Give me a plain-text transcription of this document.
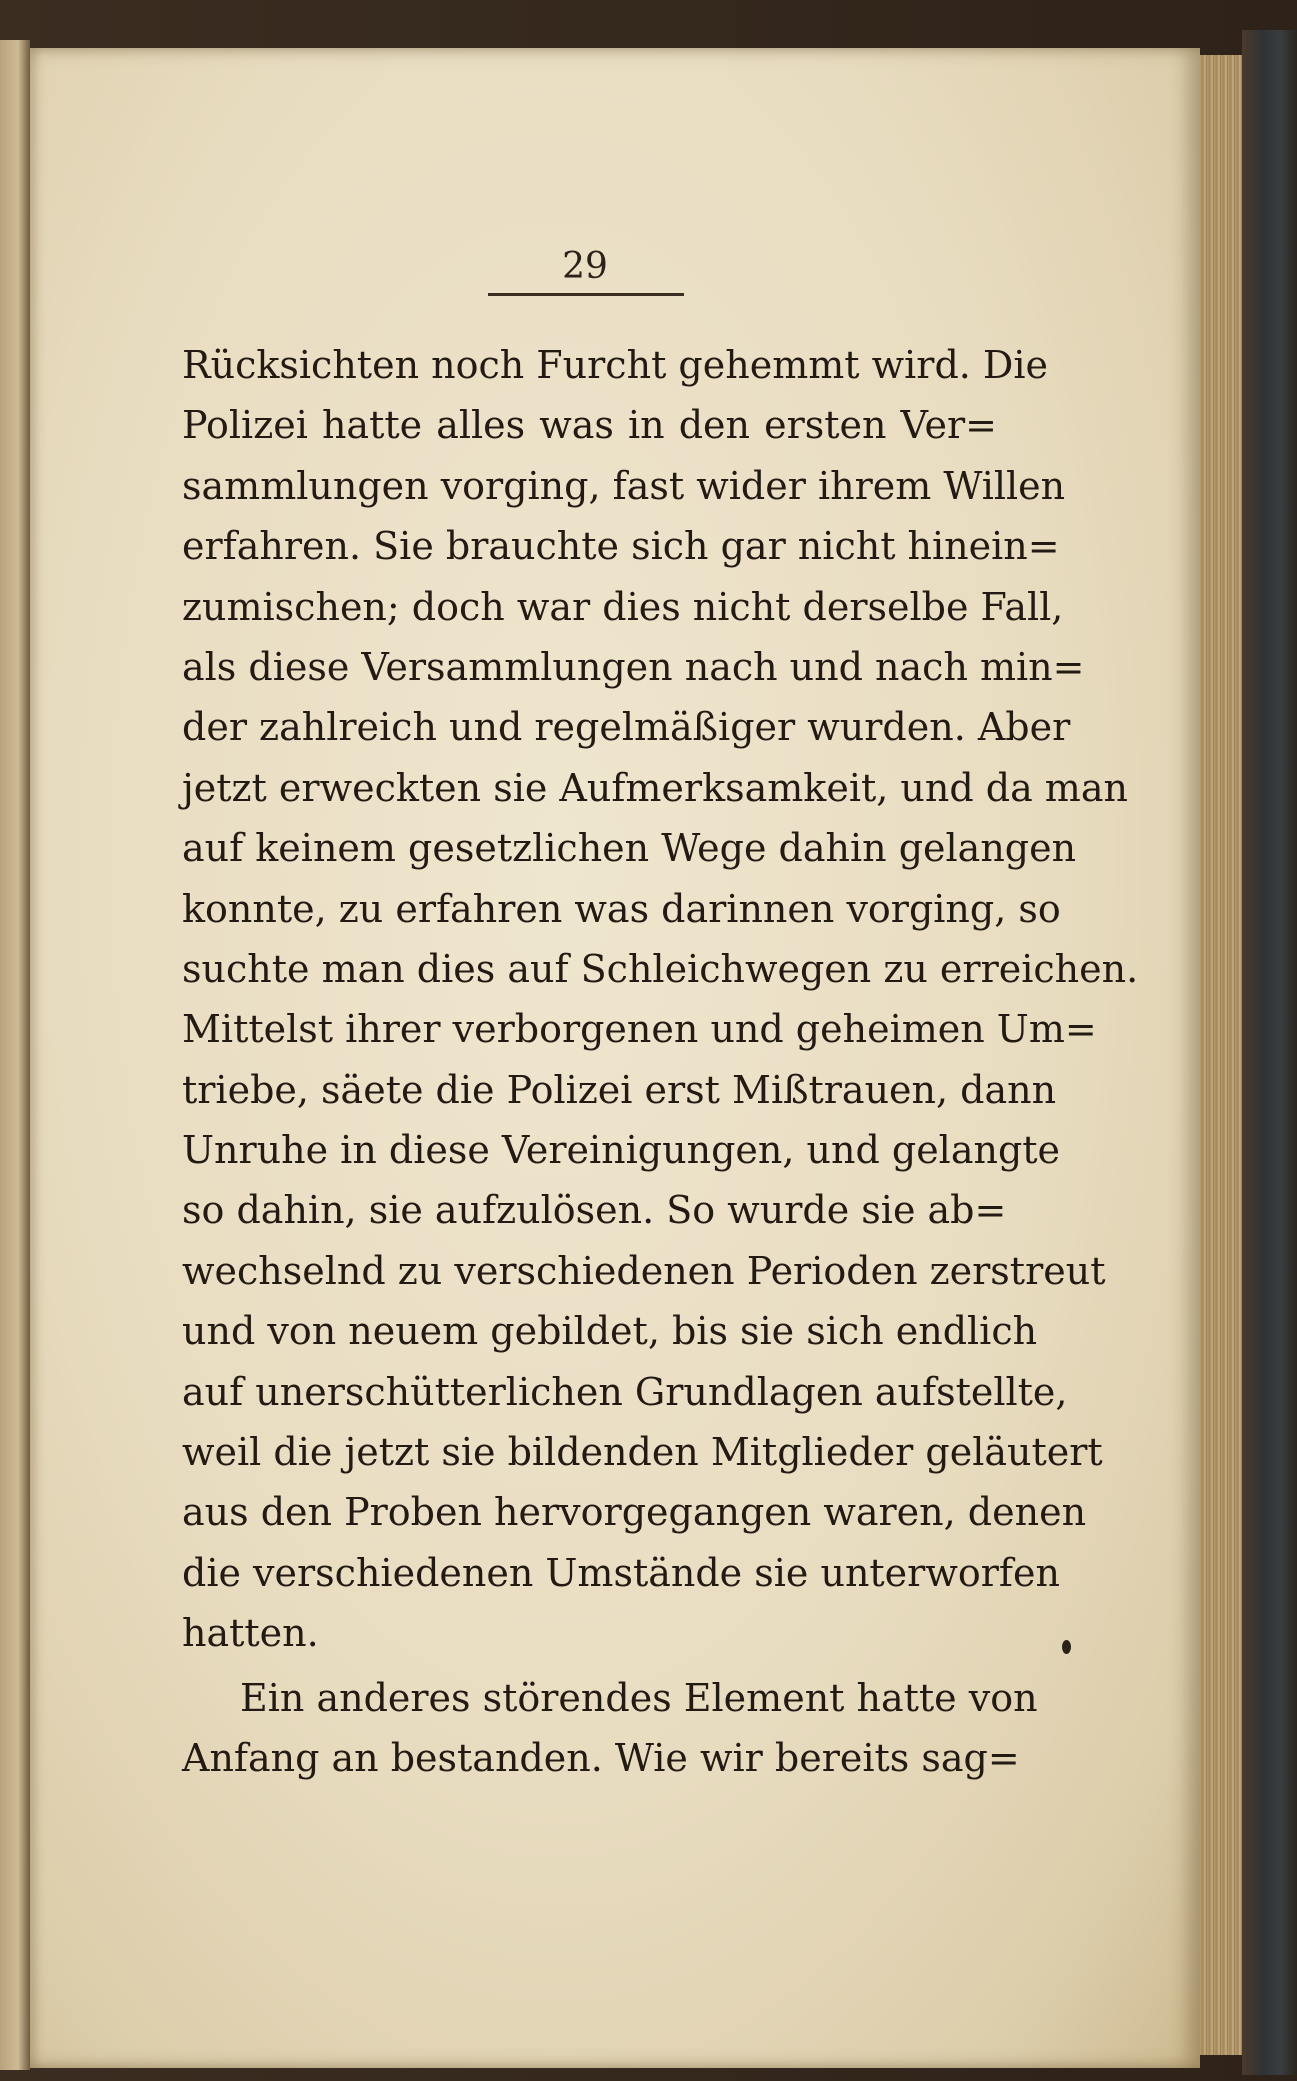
29
Rücksichten noch Furcht gehemmt wird. Die
Polizei hatte alles was in den ersten Ver=
sammlungen vorging, fast wider ihrem Willen
erfahren. Sie brauchte sich gar nicht hinein=
zumischen; doch war dies nicht derselbe Fall,
als diese Versammlungen nach und nach min=
der zahlreich und regelmäßiger wurden. Aber
jetzt erweckten sie Aufmerksamkeit, und da man
auf keinem gesetzlichen Wege dahin gelangen
konnte, zu erfahren was darinnen vorging, so
suchte man dies auf Schleichwegen zu erreichen.
Mittelst ihrer verborgenen und geheimen Um=
triebe, säete die Polizei erst Mißtrauen, dann
Unruhe in diese Vereinigungen, und gelangte
so dahin, sie aufzulösen. So wurde sie ab=
wechselnd zu verschiedenen Perioden zerstreut
und von neuem gebildet, bis sie sich endlich
auf unerschütterlichen Grundlagen aufstellte,
weil die jetzt sie bildenden Mitglieder geläutert
aus den Proben hervorgegangen waren, denen
die verschiedenen Umstände sie unterworfen
hatten.
Ein anderes störendes Element hatte von
Anfang an bestanden. Wie wir bereits sag=
